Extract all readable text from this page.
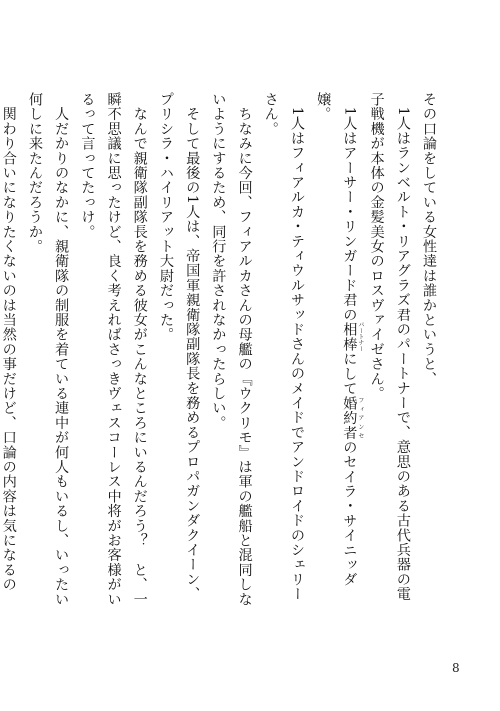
その口論をしている女性達は誰かというと、

　1人はランベルト・リアグラズ君のパートナーで、意思のある古代兵器の電子戦機が本体の金髪美女のロスヴァイゼさん。

　1人はアーサー・リンガード君の相棒 パートナーにして婚約者 フィアンセのセイラ・サイニッダ嬢。

　1人はフィアルカ・ティウルサッドさんのメイドでアンドロイドのシェリーさん。

　ちなみに今回、フィアルカさんの母艦の『ウクリモ』は軍の艦船と混同しないようにするため、同行を許されなかったらしい。

　そして最後の1人は、帝国軍親衛隊副隊長を務めるプロパガンダクイーン、プリシラ・ハイリアット大尉だった。

　なんで親衛隊副隊長を務める彼女がこんなところにいるんだろう？　と、一瞬不思議に思ったけど、良く考えればさっきヴェスコーレス中将がお客様がいるって言ってたっけ。

　人だかりのなかに、親衛隊の制服を着ている連中が何人もいるし、いったい何しに来たんだろうか。

　関わり合いになりたくないのは当然の事だけど、口論の内容は気になるの

8
